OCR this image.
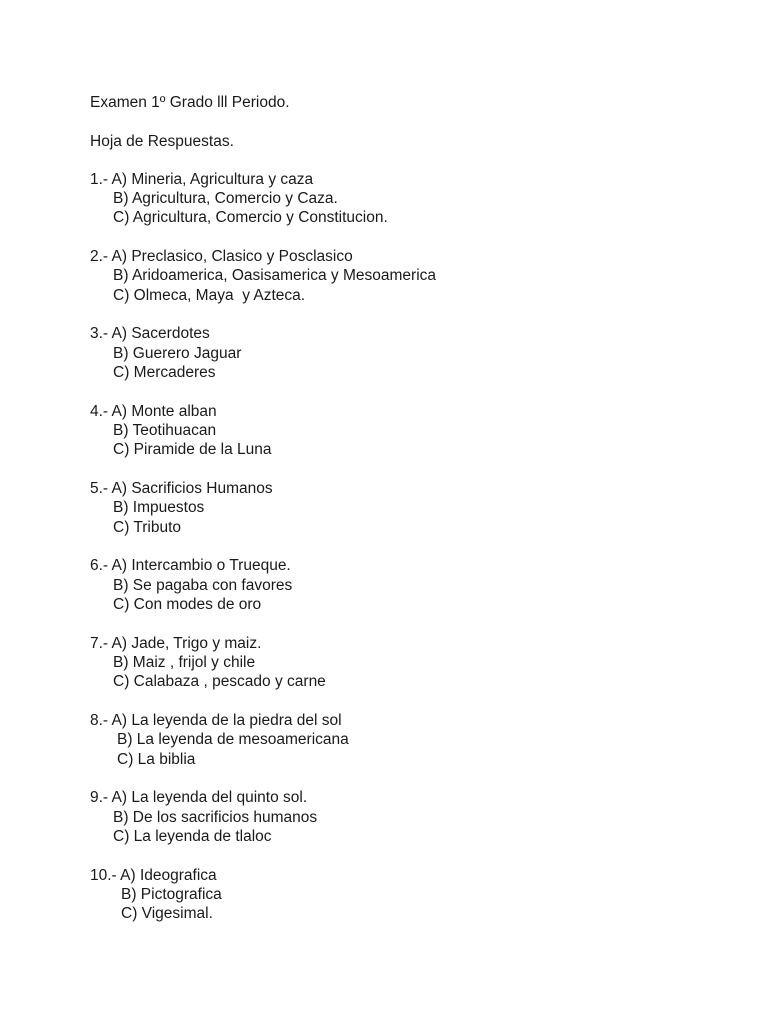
Examen 1º Grado lll Periodo.
Hoja de Respuestas.
1.- A) Mineria, Agricultura y caza
B) Agricultura, Comercio y Caza.
C) Agricultura, Comercio y Constitucion.
2.- A) Preclasico, Clasico y Posclasico
B) Aridoamerica, Oasisamerica y Mesoamerica
C) Olmeca, Maya  y Azteca.
3.- A) Sacerdotes
B) Guerero Jaguar
C) Mercaderes
4.- A) Monte alban
B) Teotihuacan
C) Piramide de la Luna
5.- A) Sacrificios Humanos
B) Impuestos
C) Tributo
6.- A) Intercambio o Trueque.
B) Se pagaba con favores
C) Con modes de oro
7.- A) Jade, Trigo y maiz.
B) Maiz , frijol y chile
C) Calabaza , pescado y carne
8.- A) La leyenda de la piedra del sol
B) La leyenda de mesoamericana
C) La biblia
9.- A) La leyenda del quinto sol.
B) De los sacrificios humanos
C) La leyenda de tlaloc
10.- A) Ideografica
B) Pictografica
C) Vigesimal.
